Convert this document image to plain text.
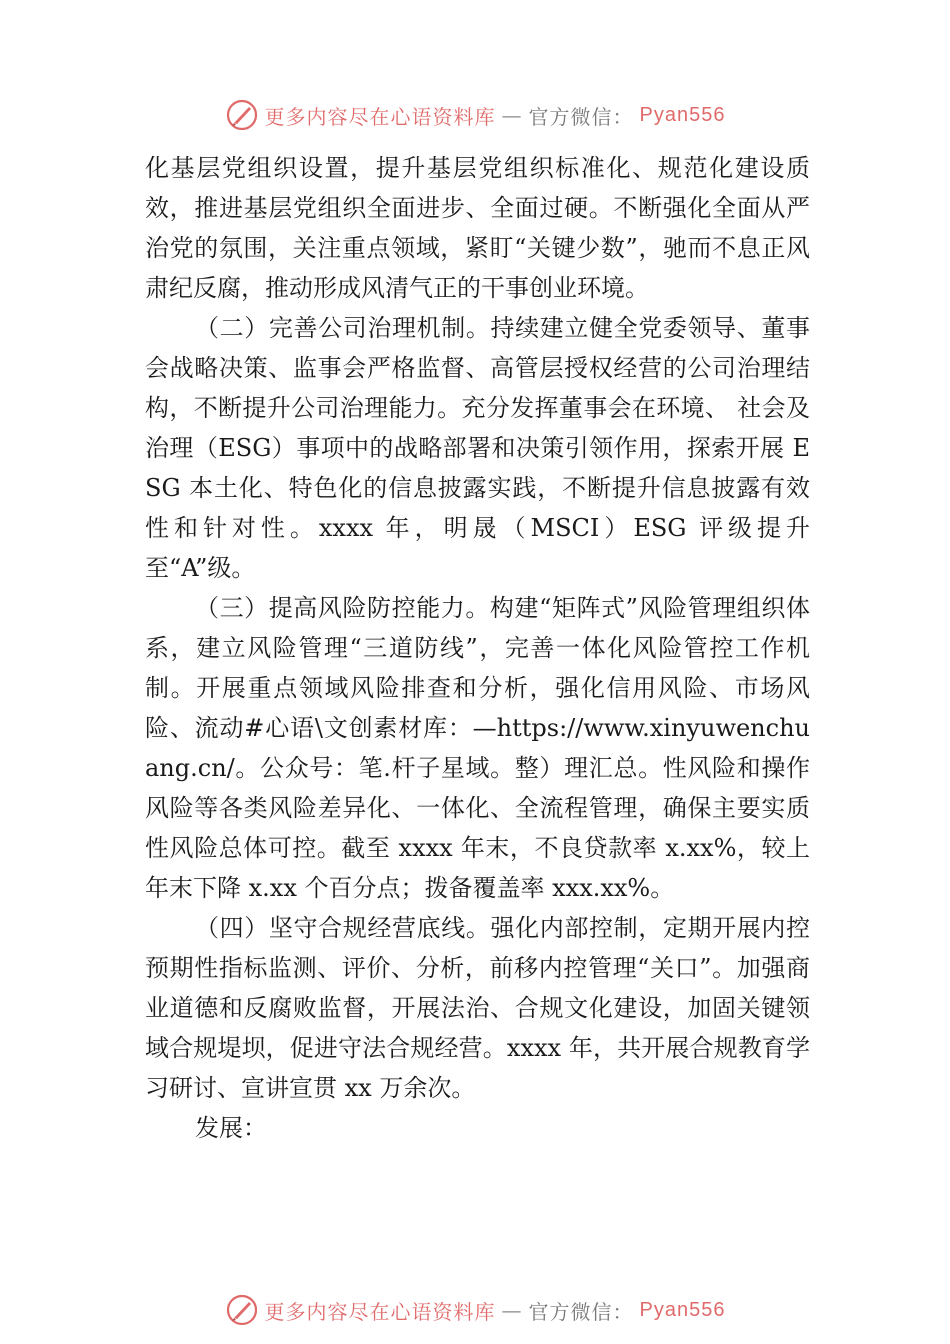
更多内容尽在心语资料库 — 官方微信： Pyan556

化基层党组织设置，提升基层党组织标准化、规范化建设质效，推进基层党组织全面进步、全面过硬。不断强化全面从严治党的氛围，关注重点领域，紧盯“关键少数”，驰而不息正风肃纪反腐，推动形成风清气正的干事创业环境。

（二）完善公司治理机制。持续建立健全党委领导、董事会战略决策、监事会严格监督、高管层授权经营的公司治理结构，不断提升公司治理能力。充分发挥董事会在环境、 社会及治理（ESG）事项中的战略部署和决策引领作用，探索开展 ESG 本土化、特色化的信息披露实践，不断提升信息披露有效性和针对性。xxxx 年，明晟（MSCI）ESG 评级提升至“A”级。

（三）提高风险防控能力。构建“矩阵式”风险管理组织体系，建立风险管理“三道防线”，完善一体化风险管控工作机制。开展重点领域风险排查和分析，强化信用风险、市场风险、流动#心语\文创素材库：—https://www.xinyuwenchuang.cn/。公众号：笔.杆子星域。整）理汇总。性风险和操作风险等各类风险差异化、一体化、全流程管理，确保主要实质性风险总体可控。截至 xxxx 年末，不良贷款率 x.xx%，较上年末下降 x.xx 个百分点；拨备覆盖率 xxx.xx%。

（四）坚守合规经营底线。强化内部控制，定期开展内控预期性指标监测、评价、分析，前移内控管理“关口”。加强商业道德和反腐败监督，开展法治、合规文化建设，加固关键领域合规堤坝，促进守法合规经营。xxxx 年，共开展合规教育学习研讨、宣讲宣贯 xx 万余次。

发展：

更多内容尽在心语资料库 — 官方微信： Pyan556
